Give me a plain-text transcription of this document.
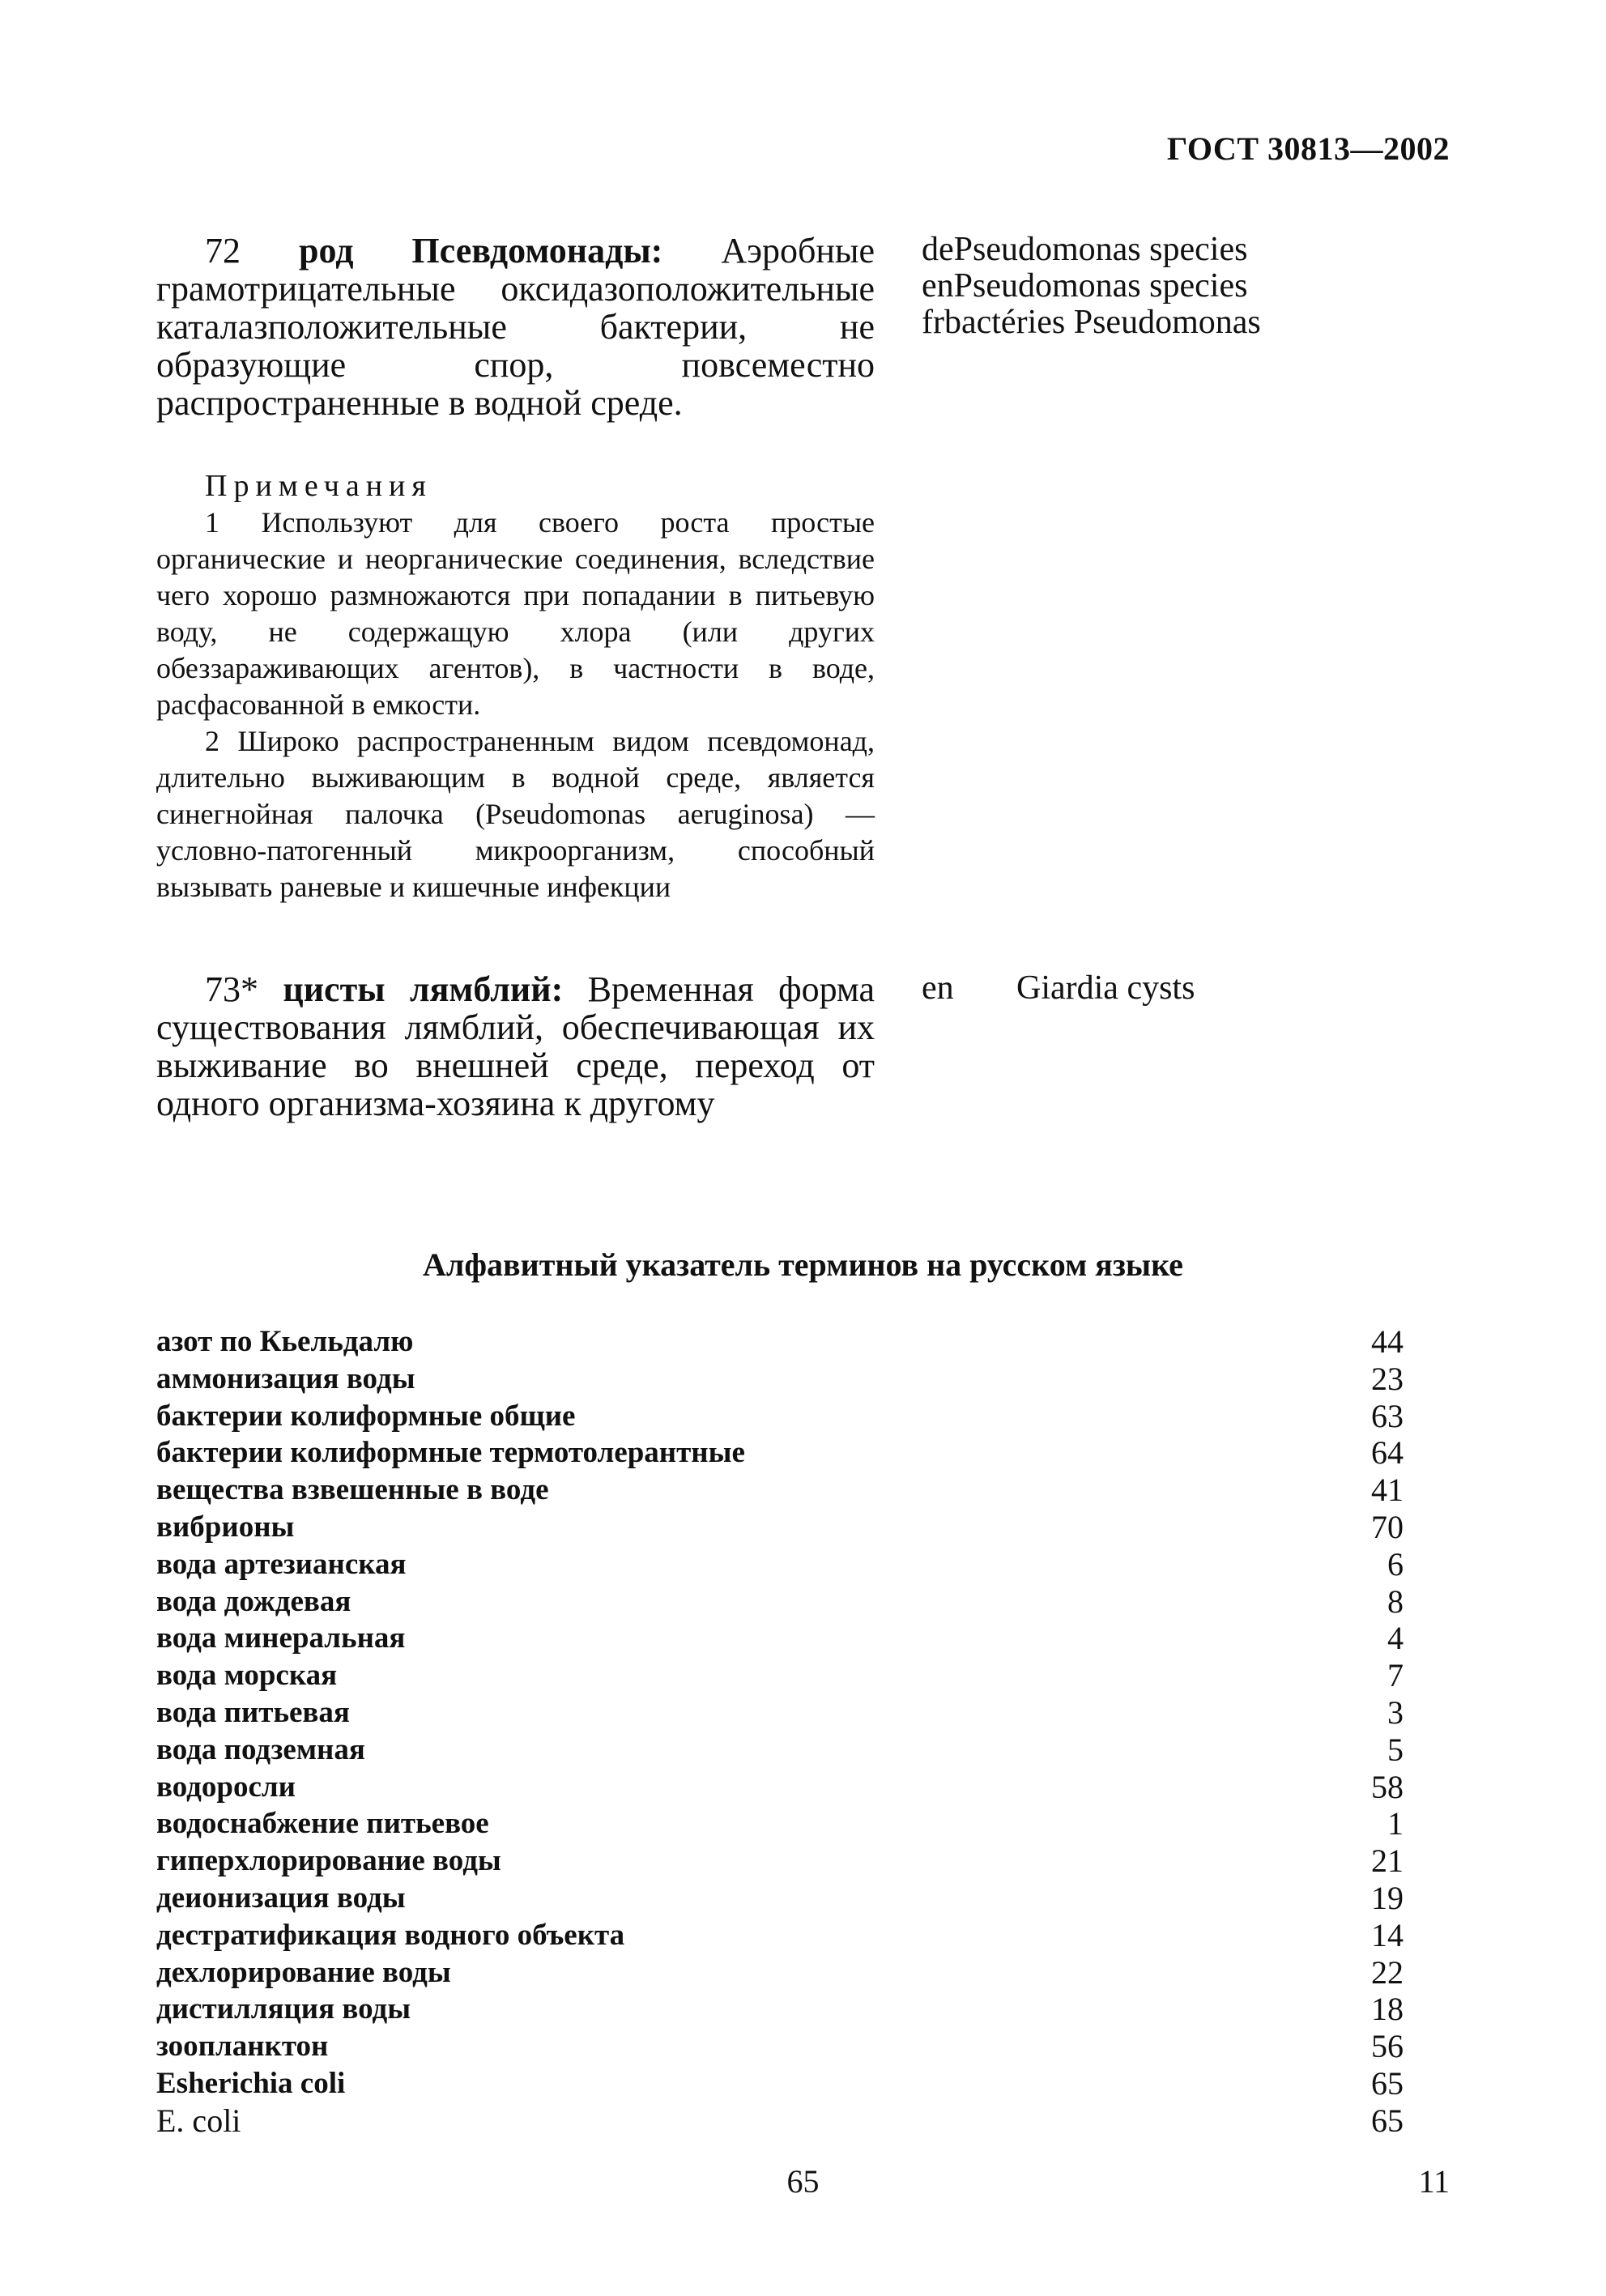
ГОСТ 30813—2002

72 род Псевдомонады: Аэробные грамотрицательные оксидазоположительные каталазположительные бактерии, не образующие спор, повсеместно распространенные в водной среде.

de Pseudomonas species
en Pseudomonas species
fr bactéries Pseudomonas
Примечания

1 Используют для своего роста простые органические и неорганические соединения, вследствие чего хорошо размножаются при попадании в питьевую воду, не содержащую хлора (или других обеззараживающих агентов), в частности в воде, расфасованной в емкости.

2 Широко распространенным видом псевдомонад, длительно выживающим в водной среде, является синегнойная палочка (Pseudomonas aeruginosa) — условно-патогенный микроорганизм, способный вызывать раневые и кишечные инфекции

73* цисты лямблий: Временная форма существования лямблий, обеспечивающая их выживание во внешней среде, переход от одного организма-хозяина к другому

en	Giardia cysts
Алфавитный указатель терминов на русском языке
азот по Кьельдалю	44
аммонизация воды	23
бактерии колиформные общие	63
бактерии колиформные термотолерантные	64
вещества взвешенные в воде	41
вибрионы	70
вода артезианская	6
вода дождевая	8
вода минеральная	4
вода морская	7
вода питьевая	3
вода подземная	5
водоросли	58
водоснабжение питьевое	1
гиперхлорирование воды	21
деионизация воды	19
дестратификация водного объекта	14
дехлорирование воды	22
дистилляция воды	18
зоопланктон	56
Esherichia coli	65
E. coli	65
65	11
